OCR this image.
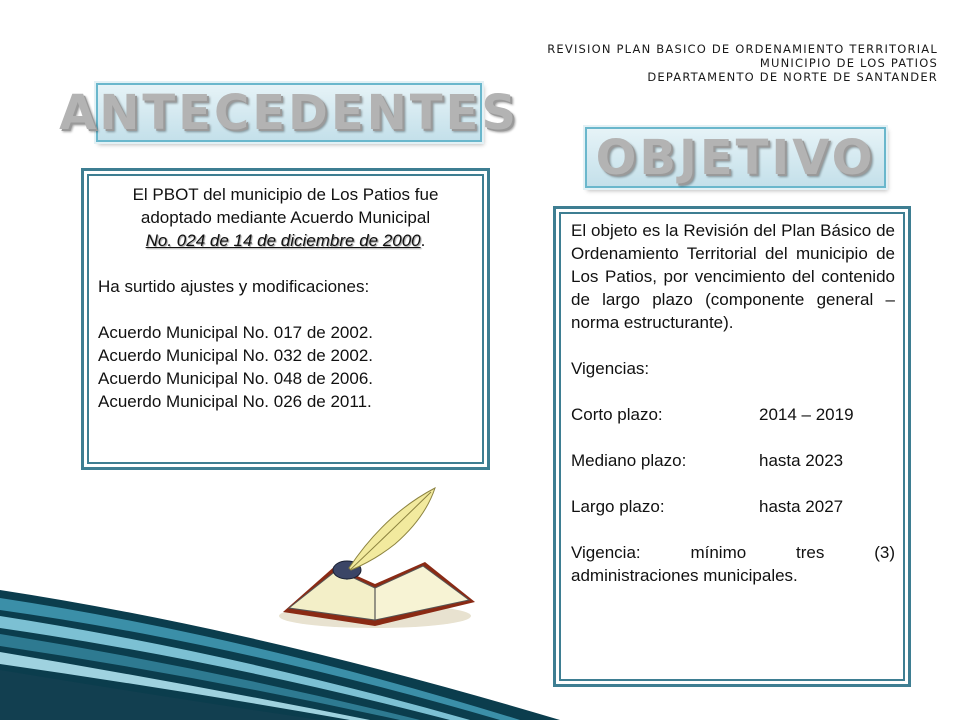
REVISION PLAN BASICO DE ORDENAMIENTO TERRITORIAL
MUNICIPIO DE LOS PATIOS
DEPARTAMENTO DE NORTE DE SANTANDER
ANTECEDENTES
OBJETIVO
El PBOT del municipio de Los Patios fue adoptado mediante Acuerdo Municipal
No. 024 de 14 de diciembre de 2000.
Ha surtido ajustes y modificaciones:
Acuerdo Municipal No. 017 de 2002.
Acuerdo Municipal No. 032 de 2002.
Acuerdo Municipal No. 048 de 2006.
Acuerdo Municipal No. 026 de 2011.
El objeto es la Revisión del Plan Básico de Ordenamiento Territorial del municipio de Los Patios, por vencimiento del contenido de largo plazo (componente general – norma estructurante).
Vigencias:
Corto plazo:	2014 – 2019
Mediano plazo:	hasta 2023
Largo plazo:	hasta 2027
Vigencia:	mínimo	tres	(3)
administraciones municipales.
